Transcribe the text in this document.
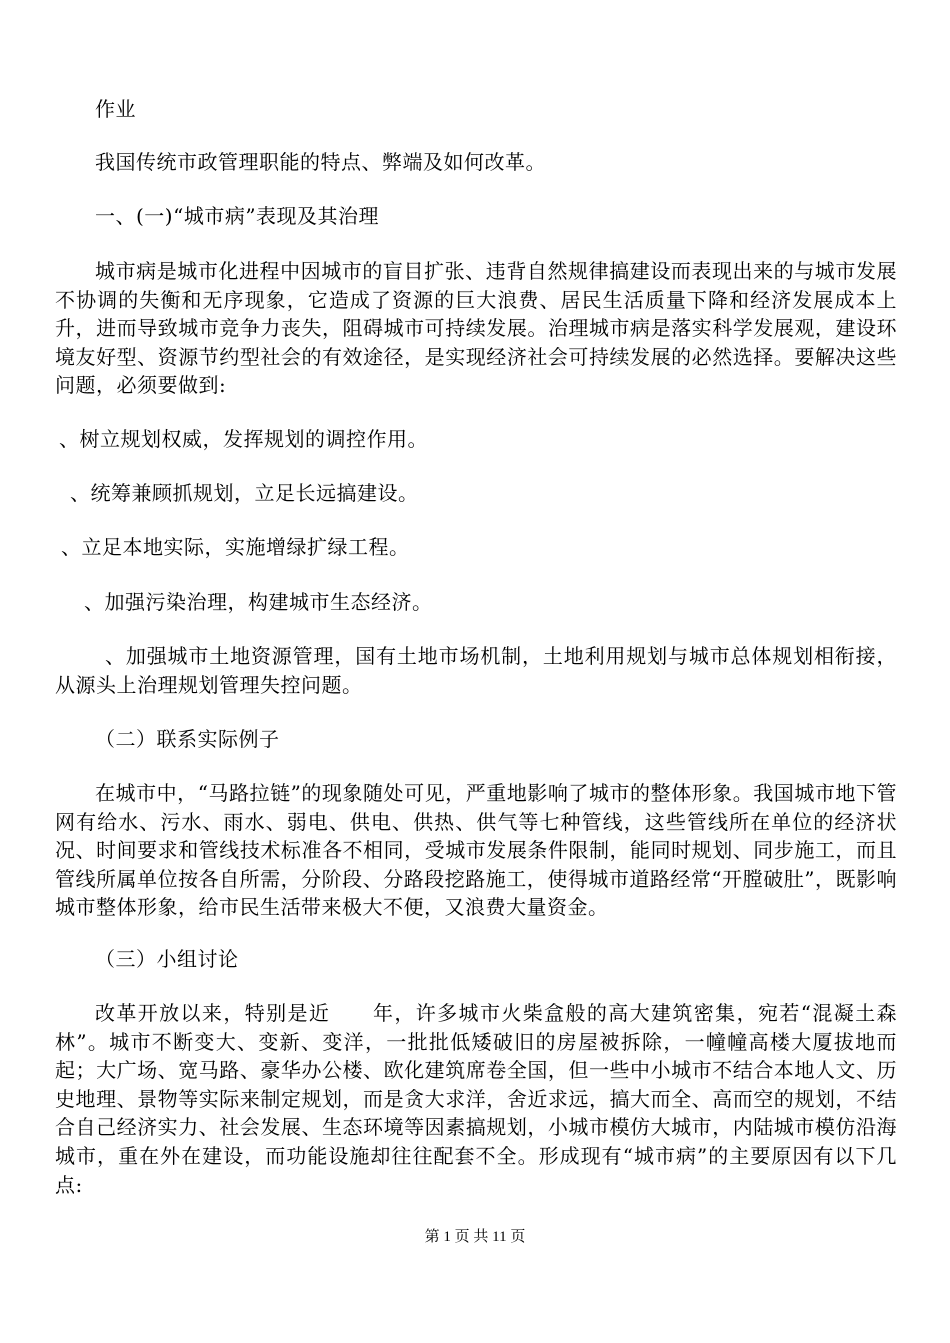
作业
我国传统市政管理职能的特点、弊端及如何改革。
一、(一)“城市病”表现及其治理
城市病是城市化进程中因城市的盲目扩张、违背自然规律搞建设而表现出来的与城市发展不协调的失衡和无序现象，它造成了资源的巨大浪费、居民生活质量下降和经济发展成本上升，进而导致城市竞争力丧失，阻碍城市可持续发展。治理城市病是落实科学发展观，建设环境友好型、资源节约型社会的有效途径，是实现经济社会可持续发展的必然选择。要解决这些问题，必须要做到:
、树立规划权威，发挥规划的调控作用。
、统筹兼顾抓规划，立足长远搞建设。
、立足本地实际，实施增绿扩绿工程。
、加强污染治理，构建城市生态经济。
、加强城市土地资源管理，国有土地市场机制，土地利用规划与城市总体规划相衔接，从源头上治理规划管理失控问题。
（二）联系实际例子
在城市中，“马路拉链”的现象随处可见，严重地影响了城市的整体形象。我国城市地下管网有给水、污水、雨水、弱电、供电、供热、供气等七种管线，这些管线所在单位的经济状况、时间要求和管线技术标准各不相同，受城市发展条件限制，能同时规划、同步施工，而且管线所属单位按各自所需，分阶段、分路段挖路施工，使得城市道路经常“开膛破肚”，既影响城市整体形象，给市民生活带来极大不便，又浪费大量资金。
（三）小组讨论
改革开放以来，特别是近　　年，许多城市火柴盒般的高大建筑密集，宛若“混凝土森林”。城市不断变大、变新、变洋，一批批低矮破旧的房屋被拆除，一幢幢高楼大厦拔地而起；大广场、宽马路、豪华办公楼、欧化建筑席卷全国，但一些中小城市不结合本地人文、历史地理、景物等实际来制定规划，而是贪大求洋，舍近求远，搞大而全、高而空的规划，不结合自己经济实力、社会发展、生态环境等因素搞规划，小城市模仿大城市，内陆城市模仿沿海城市，重在外在建设，而功能设施却往往配套不全。形成现有“城市病”的主要原因有以下几点:
第 1 页 共 11 页
